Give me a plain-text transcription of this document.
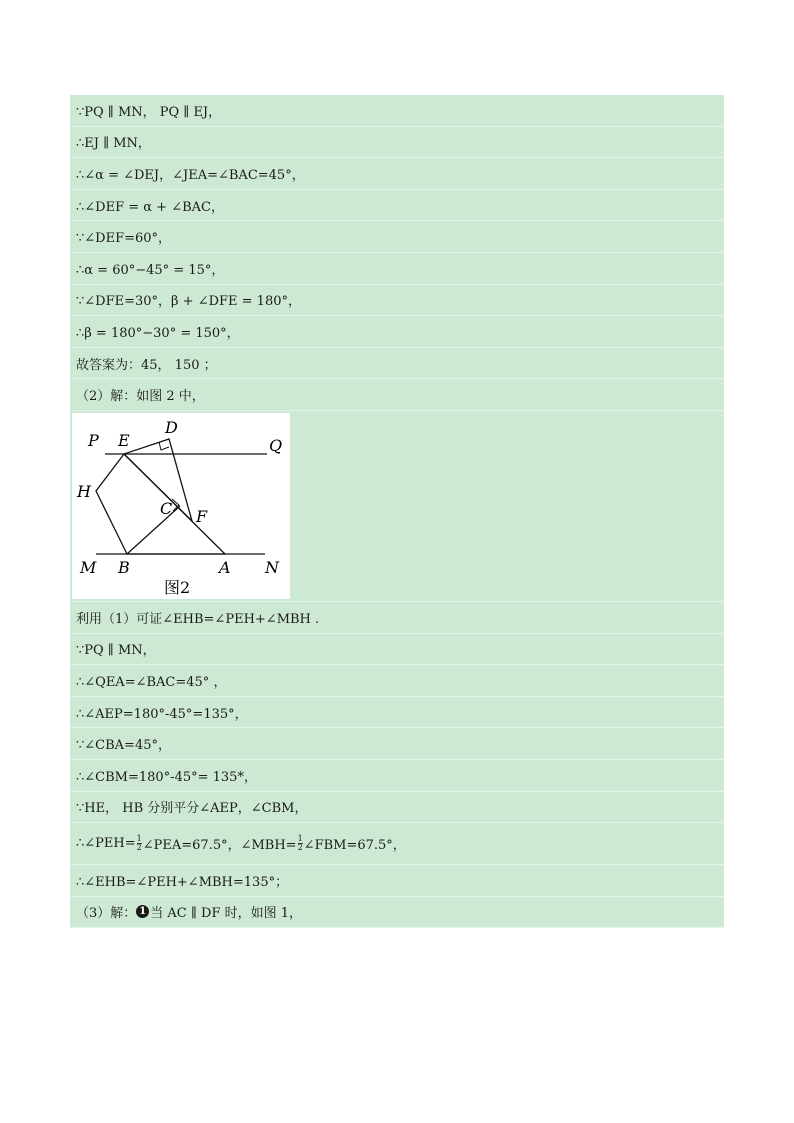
∵PQ ∥ MN， PQ ∥ EJ，
∴EJ ∥ MN，
∴∠α = ∠DEJ，∠JEA=∠BAC=45°，
∴∠DEF = α + ∠BAC，
∵∠DEF=60°，
∴α = 60°−45° = 15°，
∵∠DFE=30°，β + ∠DFE = 180°，
∴β = 180°−30° = 150°，
故答案为：45， 150 ；
（2）解：如图 2 中，
P E
D
Q
H
C F
M B	A N
图2
利用（1）可证∠EHB=∠PEH+∠MBH .
∵PQ ∥ MN，
∴∠QEA=∠BAC=45° ，
∴∠AEP=180°-45°=135°，
∵∠CBA=45°，
∴∠CBM=180°-45°= 135*，
∵HE， HB 分别平分∠AEP，∠CBM，
∴∠PEH= $\frac{1}{2}$ ∠PEA=67.5°，∠MBH= $\frac{1}{2}$ ∠FBM=67.5°，
∴∠EHB=∠PEH+∠MBH=135°；
（3）解： 1 当 AC ∥ DF 时，如图 1，
